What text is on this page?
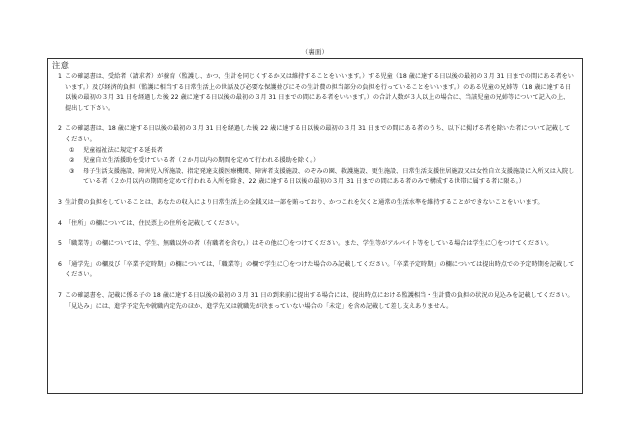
（裏面）
注意
1 この確認書は、受給者（請求者）が養育（監護し、かつ、生計を同じくするか又は維持することをいいます。）する児童（18 歳に達する日以後の最初の３月 31 日までの間にある者をいいます。）及び経済的負担（監護に相当する日常生活上の世話及び必要な保護並びにその生計費の担当部分の負担を行っていることをいいます。）のある児童の兄姉等（18 歳に達する日以後の最初の３月 31 日を経過した後 22 歳に達する日以後の最初の３月 31 日までの間にある者をいいます。）の合計人数が３人以上の場合に、当該児童の兄姉等について記入の上、提出して下さい。

2 この確認書は、18 歳に達する日以後の最初の３月 31 日を経過した後 22 歳に達する日以後の最初の３月 31 日までの間にある者のうち、以下に掲げる者を除いた者について記載してください。

① 児童福祉法に規定する延長者
② 児童自立生活援助を受けている者（２か月以内の期間を定めて行われる援助を除く。）
③ 母子生活支援施設、障害児入所施設、指定発達支援医療機関、障害者支援施設、のぞみの園、救護施設、更生施設、日常生活支援住居施設又は女性自立支援施設に入所又は入院している者（２か月以内の期間を定めて行われる入所を除き、22 歳に達する日以後の最初の３月 31 日までの間にある者のみで構成する世帯に属する者に限る。）
3 生計費の負担をしていることは、あなたの収入により日常生活上の金銭又は一部を賄っており、かつこれを欠くと通常の生活水準を維持することができないことをいいます。

4 「住所」の欄については、住民票上の住所を記載してください。

5 「職業等」の欄については、学生、無職以外の者（有職者を含む。）はその他に〇をつけてください。また、学生等がアルバイト等をしている場合は学生に〇をつけてください。

6 「通学先」の欄及び「卒業予定時期」の欄については、「職業等」の欄で学生に〇をつけた場合のみ記載してください。「卒業予定時期」の欄については提出時点での予定時期を記載してください。

7 この確認書を、記載に係る子の 18 歳に達する日以後の最初の３月 31 日の到来前に提出する場合には、提出時点における監護相当・生計費の負担の状況の見込みを記載してください。「見込み」には、進学予定先や就職内定先のほか、進学先又は就職先が決まっていない場合の「未定」を含め記載して差し支えありません。
